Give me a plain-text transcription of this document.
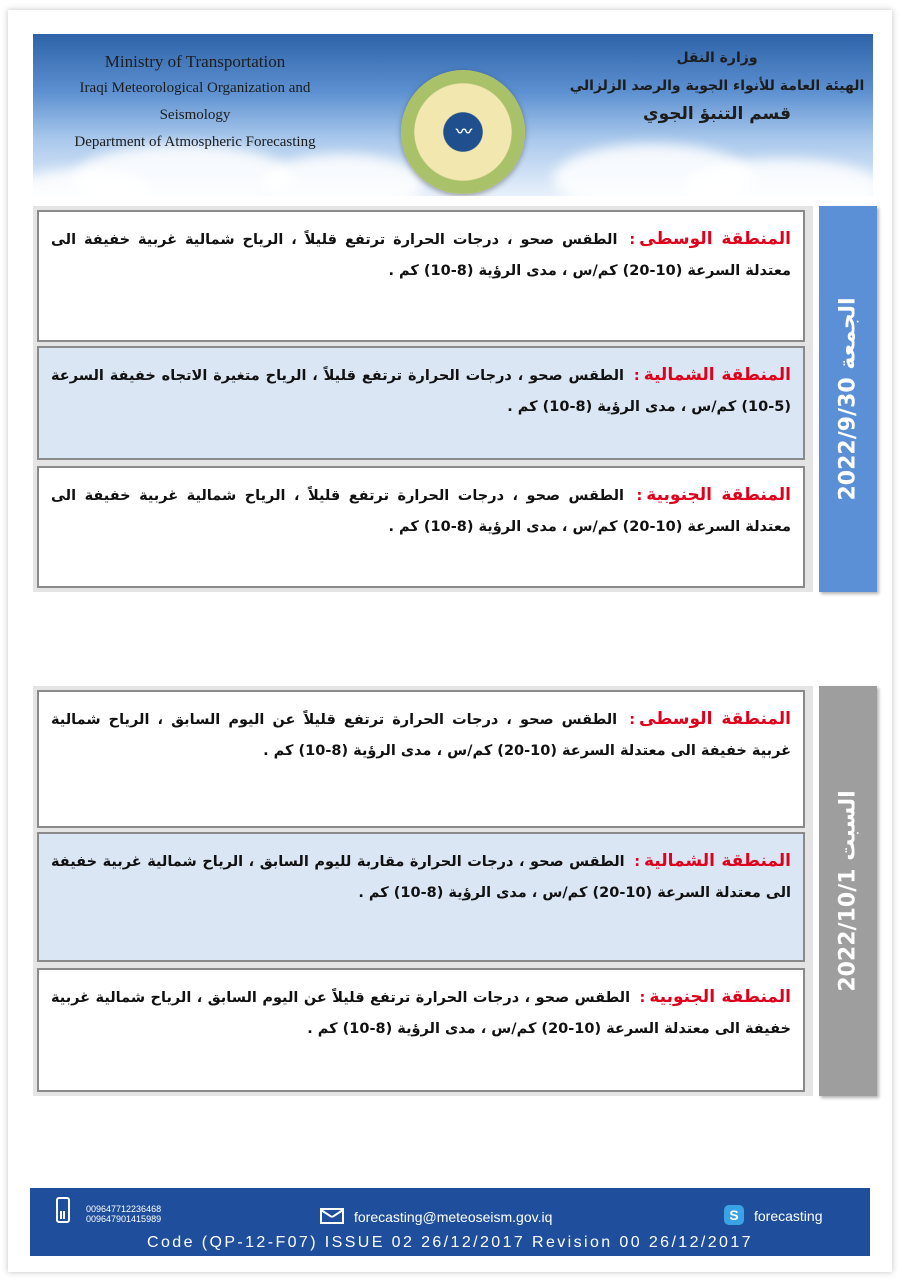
Ministry of Transportation
Iraqi Meteorological Organization and Seismology
Department of Atmospheric Forecasting
〰
وزارة النقل
الهيئة العامة للأنواء الجوية والرصد الزلزالي
قسم التنبؤ الجوي
الجمعة 2022/9/30
المنطقة الوسطى: الطقس صحو ، درجات الحرارة ترتفع قليلاً ، الرياح شمالية غربية خفيفة الى معتدلة السرعة (10-20) كم/س ، مدى الرؤية (8-10) كم .
المنطقة الشمالية: الطقس صحو ، درجات الحرارة ترتفع قليلاً ، الرياح متغيرة الاتجاه خفيفة السرعة (5-10) كم/س ، مدى الرؤية (8-10) كم .
المنطقة الجنوبية: الطقس صحو ، درجات الحرارة ترتفع قليلاً ، الرياح شمالية غربية خفيفة الى معتدلة السرعة (10-20) كم/س ، مدى الرؤية (8-10) كم .
السبت 2022/10/1
المنطقة الوسطى: الطقس صحو ، درجات الحرارة ترتفع قليلاً عن اليوم السابق ، الرياح شمالية غربية خفيفة الى معتدلة السرعة (10-20) كم/س ، مدى الرؤية (8-10) كم .
المنطقة الشمالية: الطقس صحو ، درجات الحرارة مقاربة لليوم السابق ، الرياح شمالية غربية خفيفة الى معتدلة السرعة (10-20) كم/س ، مدى الرؤية (8-10) كم .
المنطقة الجنوبية: الطقس صحو ، درجات الحرارة ترتفع قليلاً عن اليوم السابق ، الرياح شمالية غربية خفيفة الى معتدلة السرعة (10-20) كم/س ، مدى الرؤية (8-10) كم .
009647712236468
009647901415989	forecasting@meteoseism.gov.iq	S	forecasting
Code (QP-12-F07) ISSUE 02 26/12/2017 Revision 00 26/12/2017
